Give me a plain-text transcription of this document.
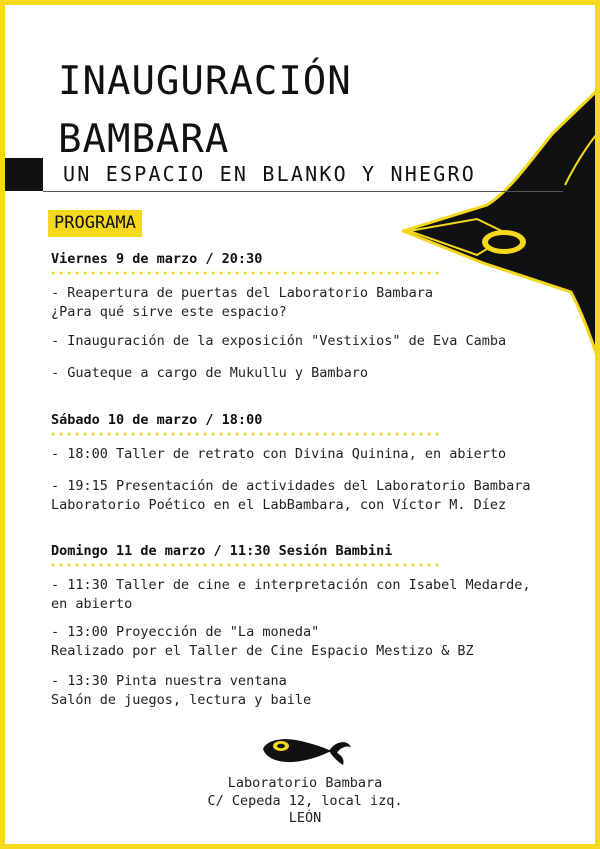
INAUGURACIÓN
BAMBARA

UN ESPACIO EN BLANKO Y NHEGRO

PROGRAMA

Viernes 9 de marzo / 20:30

- Reapertura de puertas del Laboratorio Bambara
¿Para qué sirve este espacio?

- Inauguración de la exposición "Vestixios" de Eva Camba

- Guateque a cargo de Mukullu y Bambaro

Sábado 10 de marzo / 18:00

- 18:00 Taller de retrato con Divina Quinina, en abierto

- 19:15 Presentación de actividades del Laboratorio Bambara
Laboratorio Poético en el LabBambara, con Víctor M. Díez

Domingo 11 de marzo / 11:30 Sesión Bambini

- 11:30 Taller de cine e interpretación con Isabel Medarde,
en abierto

- 13:00 Proyección de "La moneda"
Realizado por el Taller de Cine Espacio Mestizo & BZ

- 13:30 Pinta nuestra ventana
Salón de juegos, lectura y baile

Laboratorio Bambara
C/ Cepeda 12, local izq.
LEÓN
